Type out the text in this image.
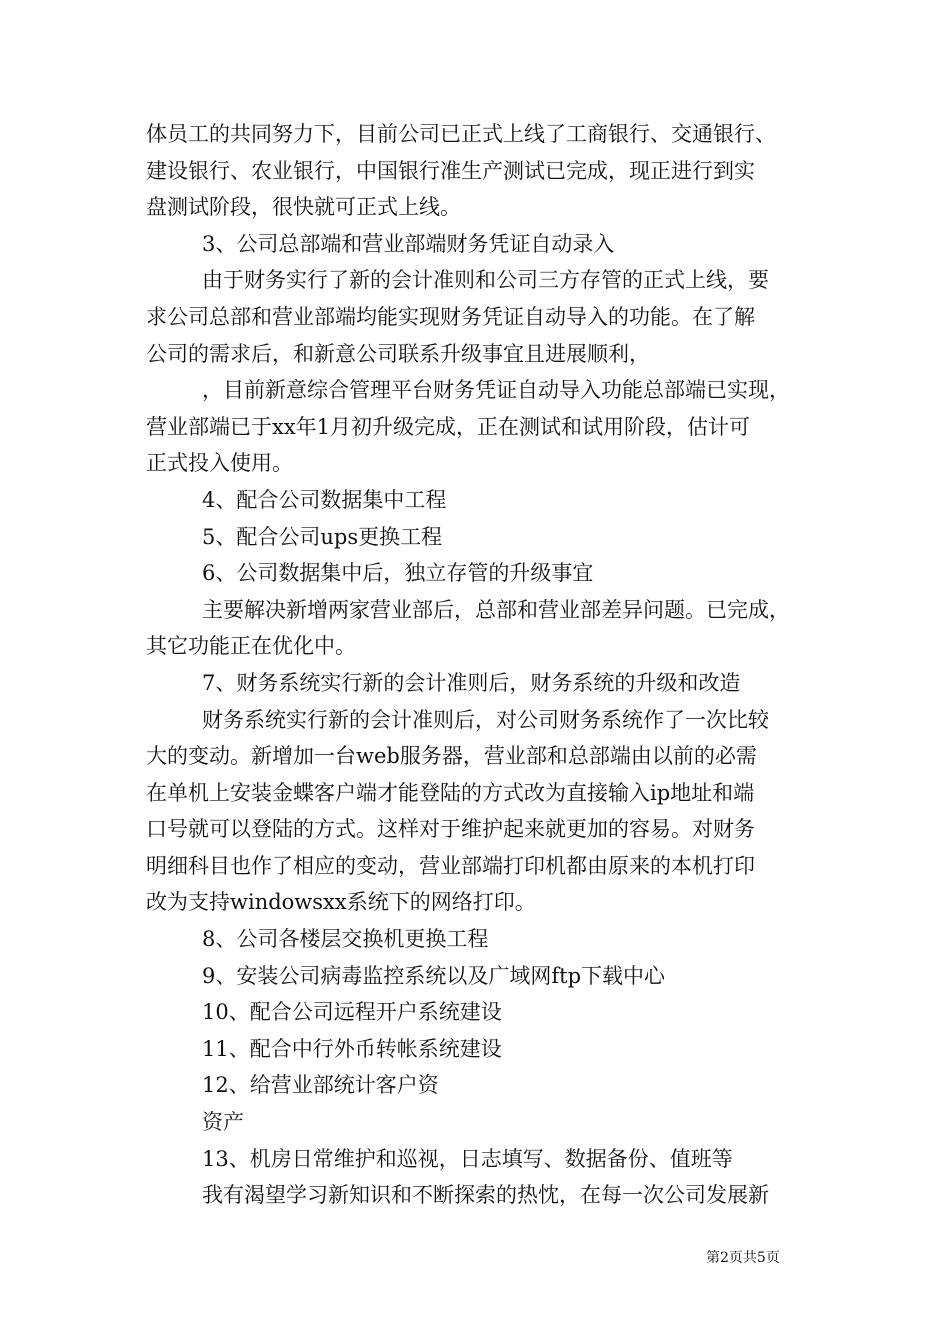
体员工的共同努力下，目前公司已正式上线了工商银行、交通银行、
建设银行、农业银行，中国银行准生产测试已完成，现正进行到实
盘测试阶段，很快就可正式上线。
3、公司总部端和营业部端财务凭证自动录入
由于财务实行了新的会计准则和公司三方存管的正式上线，要
求公司总部和营业部端均能实现财务凭证自动导入的功能。在了解
公司的需求后，和新意公司联系升级事宜且进展顺利，
，目前新意综合管理平台财务凭证自动导入功能总部端已实现，
营业部端已于xx年1月初升级完成，正在测试和试用阶段，估计可
正式投入使用。
4、配合公司数据集中工程
5、配合公司ups更换工程
6、公司数据集中后，独立存管的升级事宜
主要解决新增两家营业部后，总部和营业部差异问题。已完成，
其它功能正在优化中。
7、财务系统实行新的会计准则后，财务系统的升级和改造
财务系统实行新的会计准则后，对公司财务系统作了一次比较
大的变动。新增加一台web服务器，营业部和总部端由以前的必需
在单机上安装金蝶客户端才能登陆的方式改为直接输入ip地址和端
口号就可以登陆的方式。这样对于维护起来就更加的容易。对财务
明细科目也作了相应的变动，营业部端打印机都由原来的本机打印
改为支持windowsxx系统下的网络打印。
8、公司各楼层交换机更换工程
9、安装公司病毒监控系统以及广域网ftp下载中心
10、配合公司远程开户系统建设
11、配合中行外币转帐系统建设
12、给营业部统计客户资
资产
13、机房日常维护和巡视，日志填写、数据备份、值班等
我有渴望学习新知识和不断探索的热忱，在每一次公司发展新
第2页共5页
